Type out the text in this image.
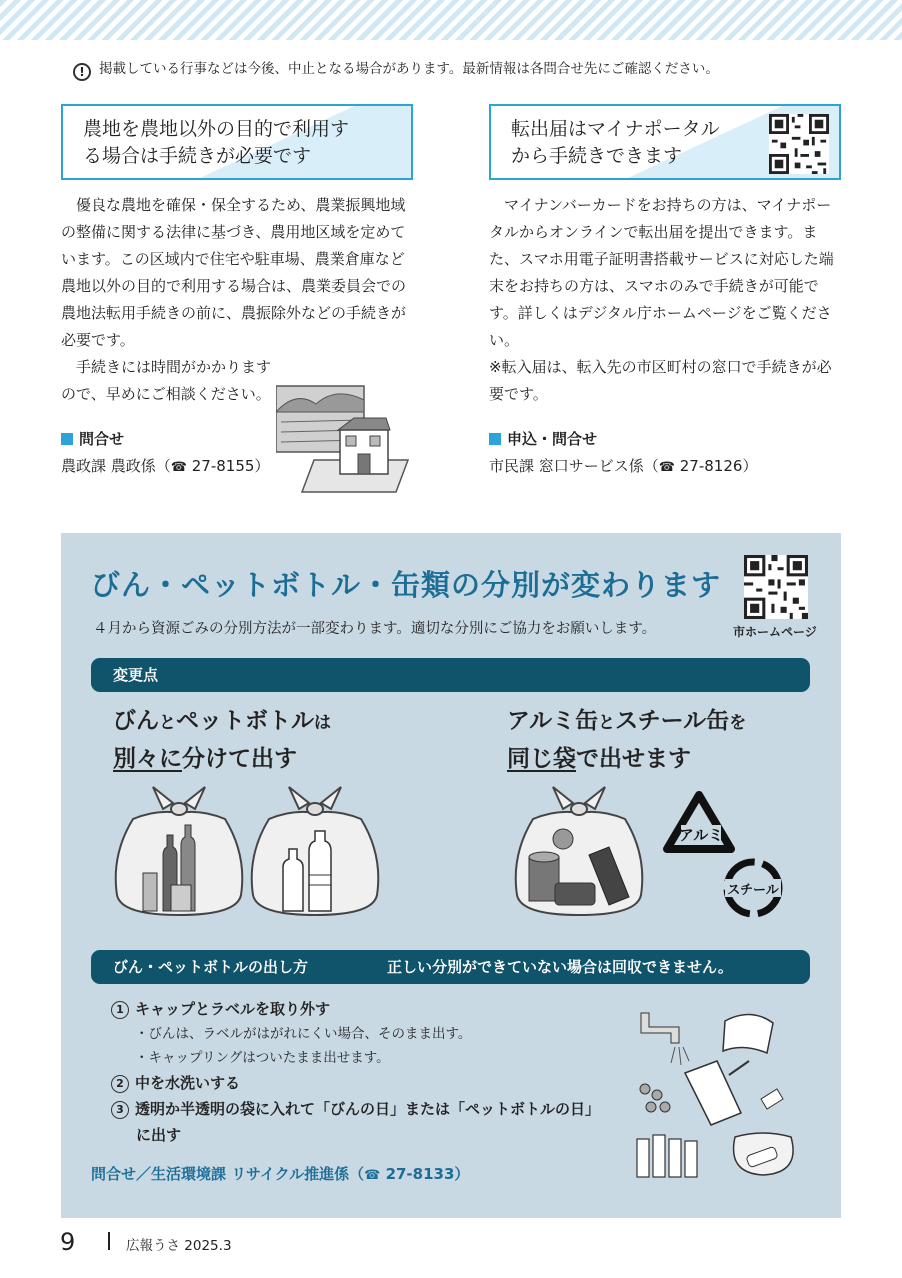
! 掲載している行事などは今後、中止となる場合があります。最新情報は各問合せ先にご確認ください。
農地を農地以外の目的で利用す
る場合は手続きが必要です

優良な農地を確保・保全するため、農業振興地域の整備に関する法律に基づき、農用地区域を定めています。この区域内で住宅や駐車場、農業倉庫など農地以外の目的で利用する場合は、農業委員会での農地法転用手続きの前に、農振除外などの手続きが必要です。

手続きには時間がかかりますので、早めにご相談ください。

問合せ
農政課 農政係（☎ 27-8155）
転出届はマイナポータル
から手続きできます

マイナンバーカードをお持ちの方は、マイナポータルからオンラインで転出届を提出できます。また、スマホ用電子証明書搭載サービスに対応した端末をお持ちの方は、スマホのみで手続きが可能です。詳しくはデジタル庁ホームページをご覧ください。

※転入届は、転入先の市区町村の窓口で手続きが必要です。

申込・問合せ
市民課 窓口サービス係（☎ 27-8126）
びん・ペットボトル・缶類の分別が変わります
４月から資源ごみの分別方法が一部変わります。適切な分別にご協力をお願いします。	市ホームページ
変更点
びんとペットボトルは
別々に分けて出す
アルミ缶とスチール缶を
同じ袋で出せます
アルミ
スチール
びん・ペットボトルの出し方	正しい分別ができていない場合は回収できません。
1 キャップとラベルを取り外す
・びんは、ラベルがはがれにくい場合、そのまま出す。
・キャップリングはついたまま出せます。
2 中を水洗いする
3 透明か半透明の袋に入れて「びんの日」または「ペットボトルの日」
に出す
問合せ／生活環境課 リサイクル推進係（☎ 27-8133）
9	広報うさ 2025.3
